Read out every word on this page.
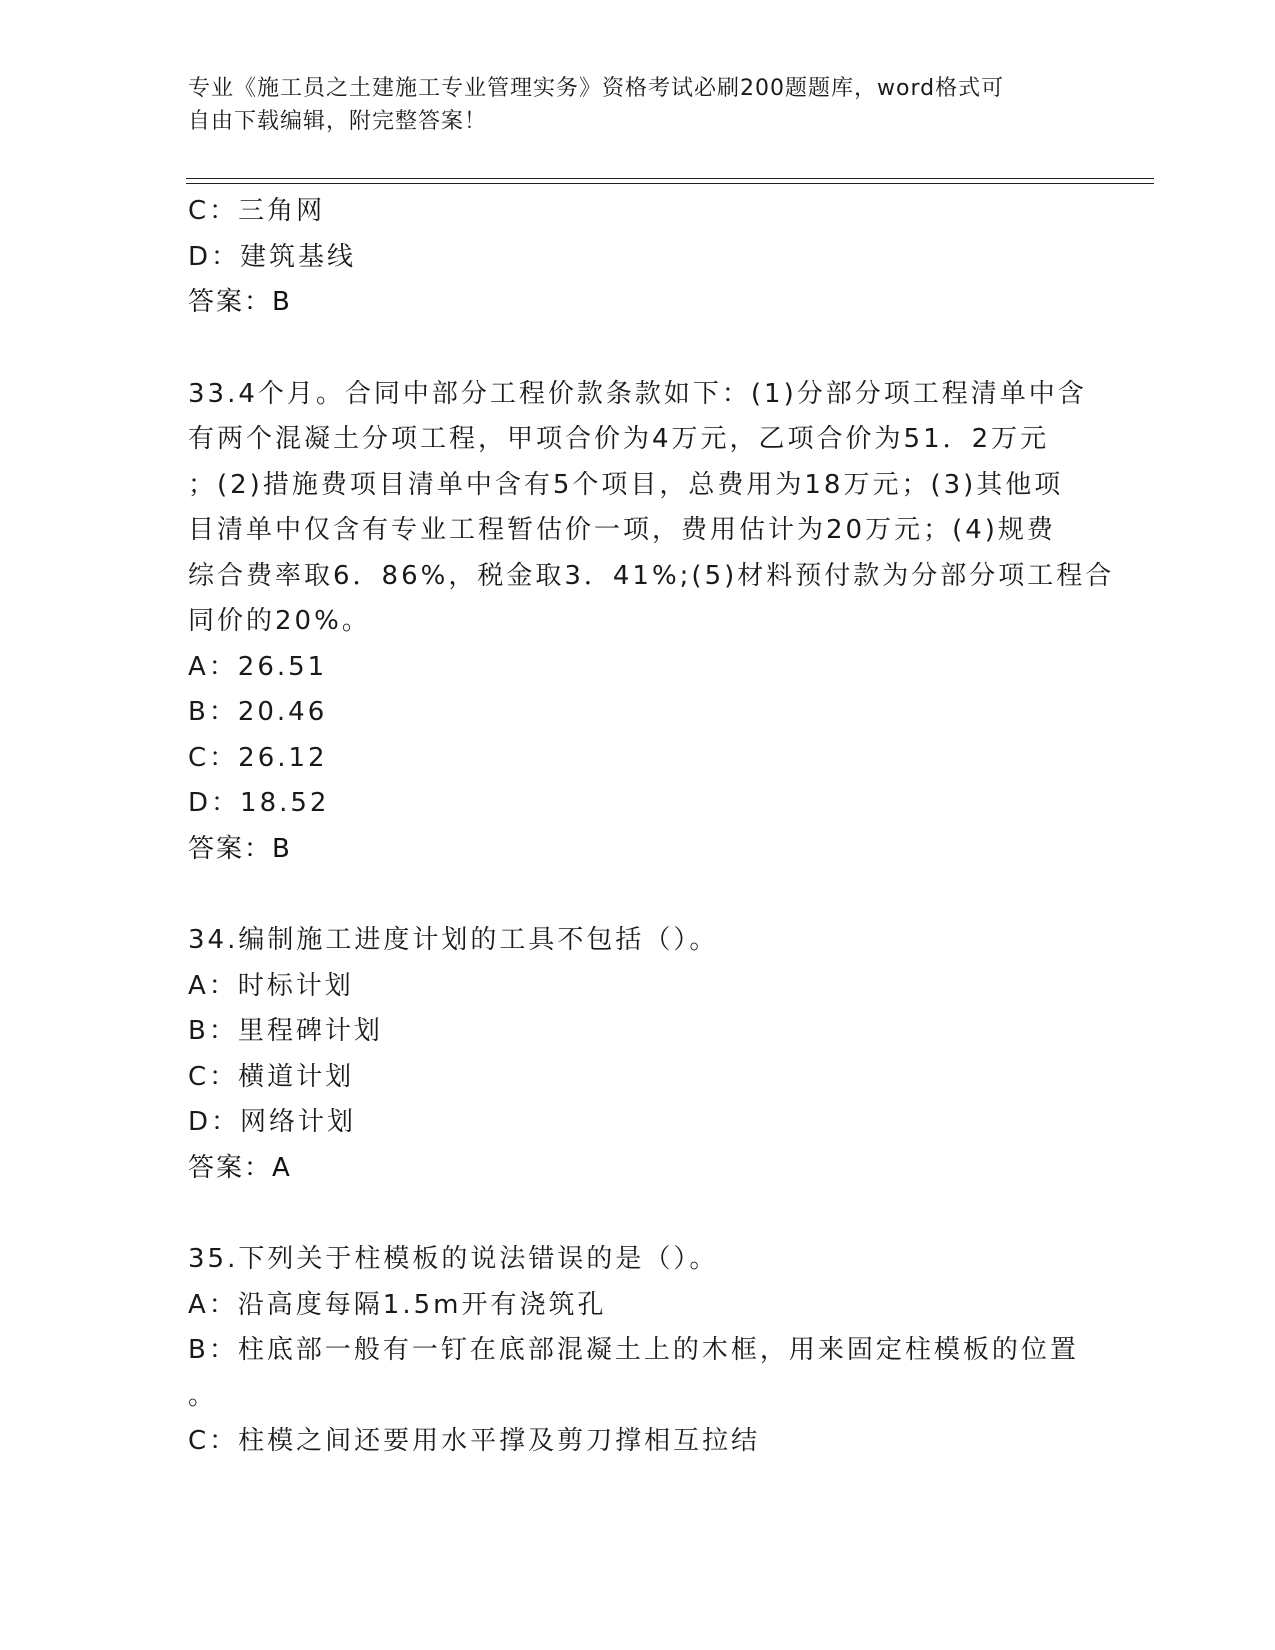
专业《施工员之土建施工专业管理实务》资格考试必刷200题题库，word格式可
自由下载编辑，附完整答案！
C：三角网
D：建筑基线
答案：B
33.4个月。合同中部分工程价款条款如下：(1)分部分项工程清单中含
有两个混凝土分项工程，甲项合价为4万元，乙项合价为51．2万元
；(2)措施费项目清单中含有5个项目，总费用为18万元；(3)其他项
目清单中仅含有专业工程暂估价一项，费用估计为20万元；(4)规费
综合费率取6．86%，税金取3．41%;(5)材料预付款为分部分项工程合
同价的20%。
A：26.51
B：20.46
C：26.12
D：18.52
答案：B
34.编制施工进度计划的工具不包括（）。
A：时标计划
B：里程碑计划
C：横道计划
D：网络计划
答案：A
35.下列关于柱模板的说法错误的是（）。
A：沿高度每隔1.5m开有浇筑孔
B：柱底部一般有一钉在底部混凝土上的木框，用来固定柱模板的位置
。
C：柱模之间还要用水平撑及剪刀撑相互拉结
